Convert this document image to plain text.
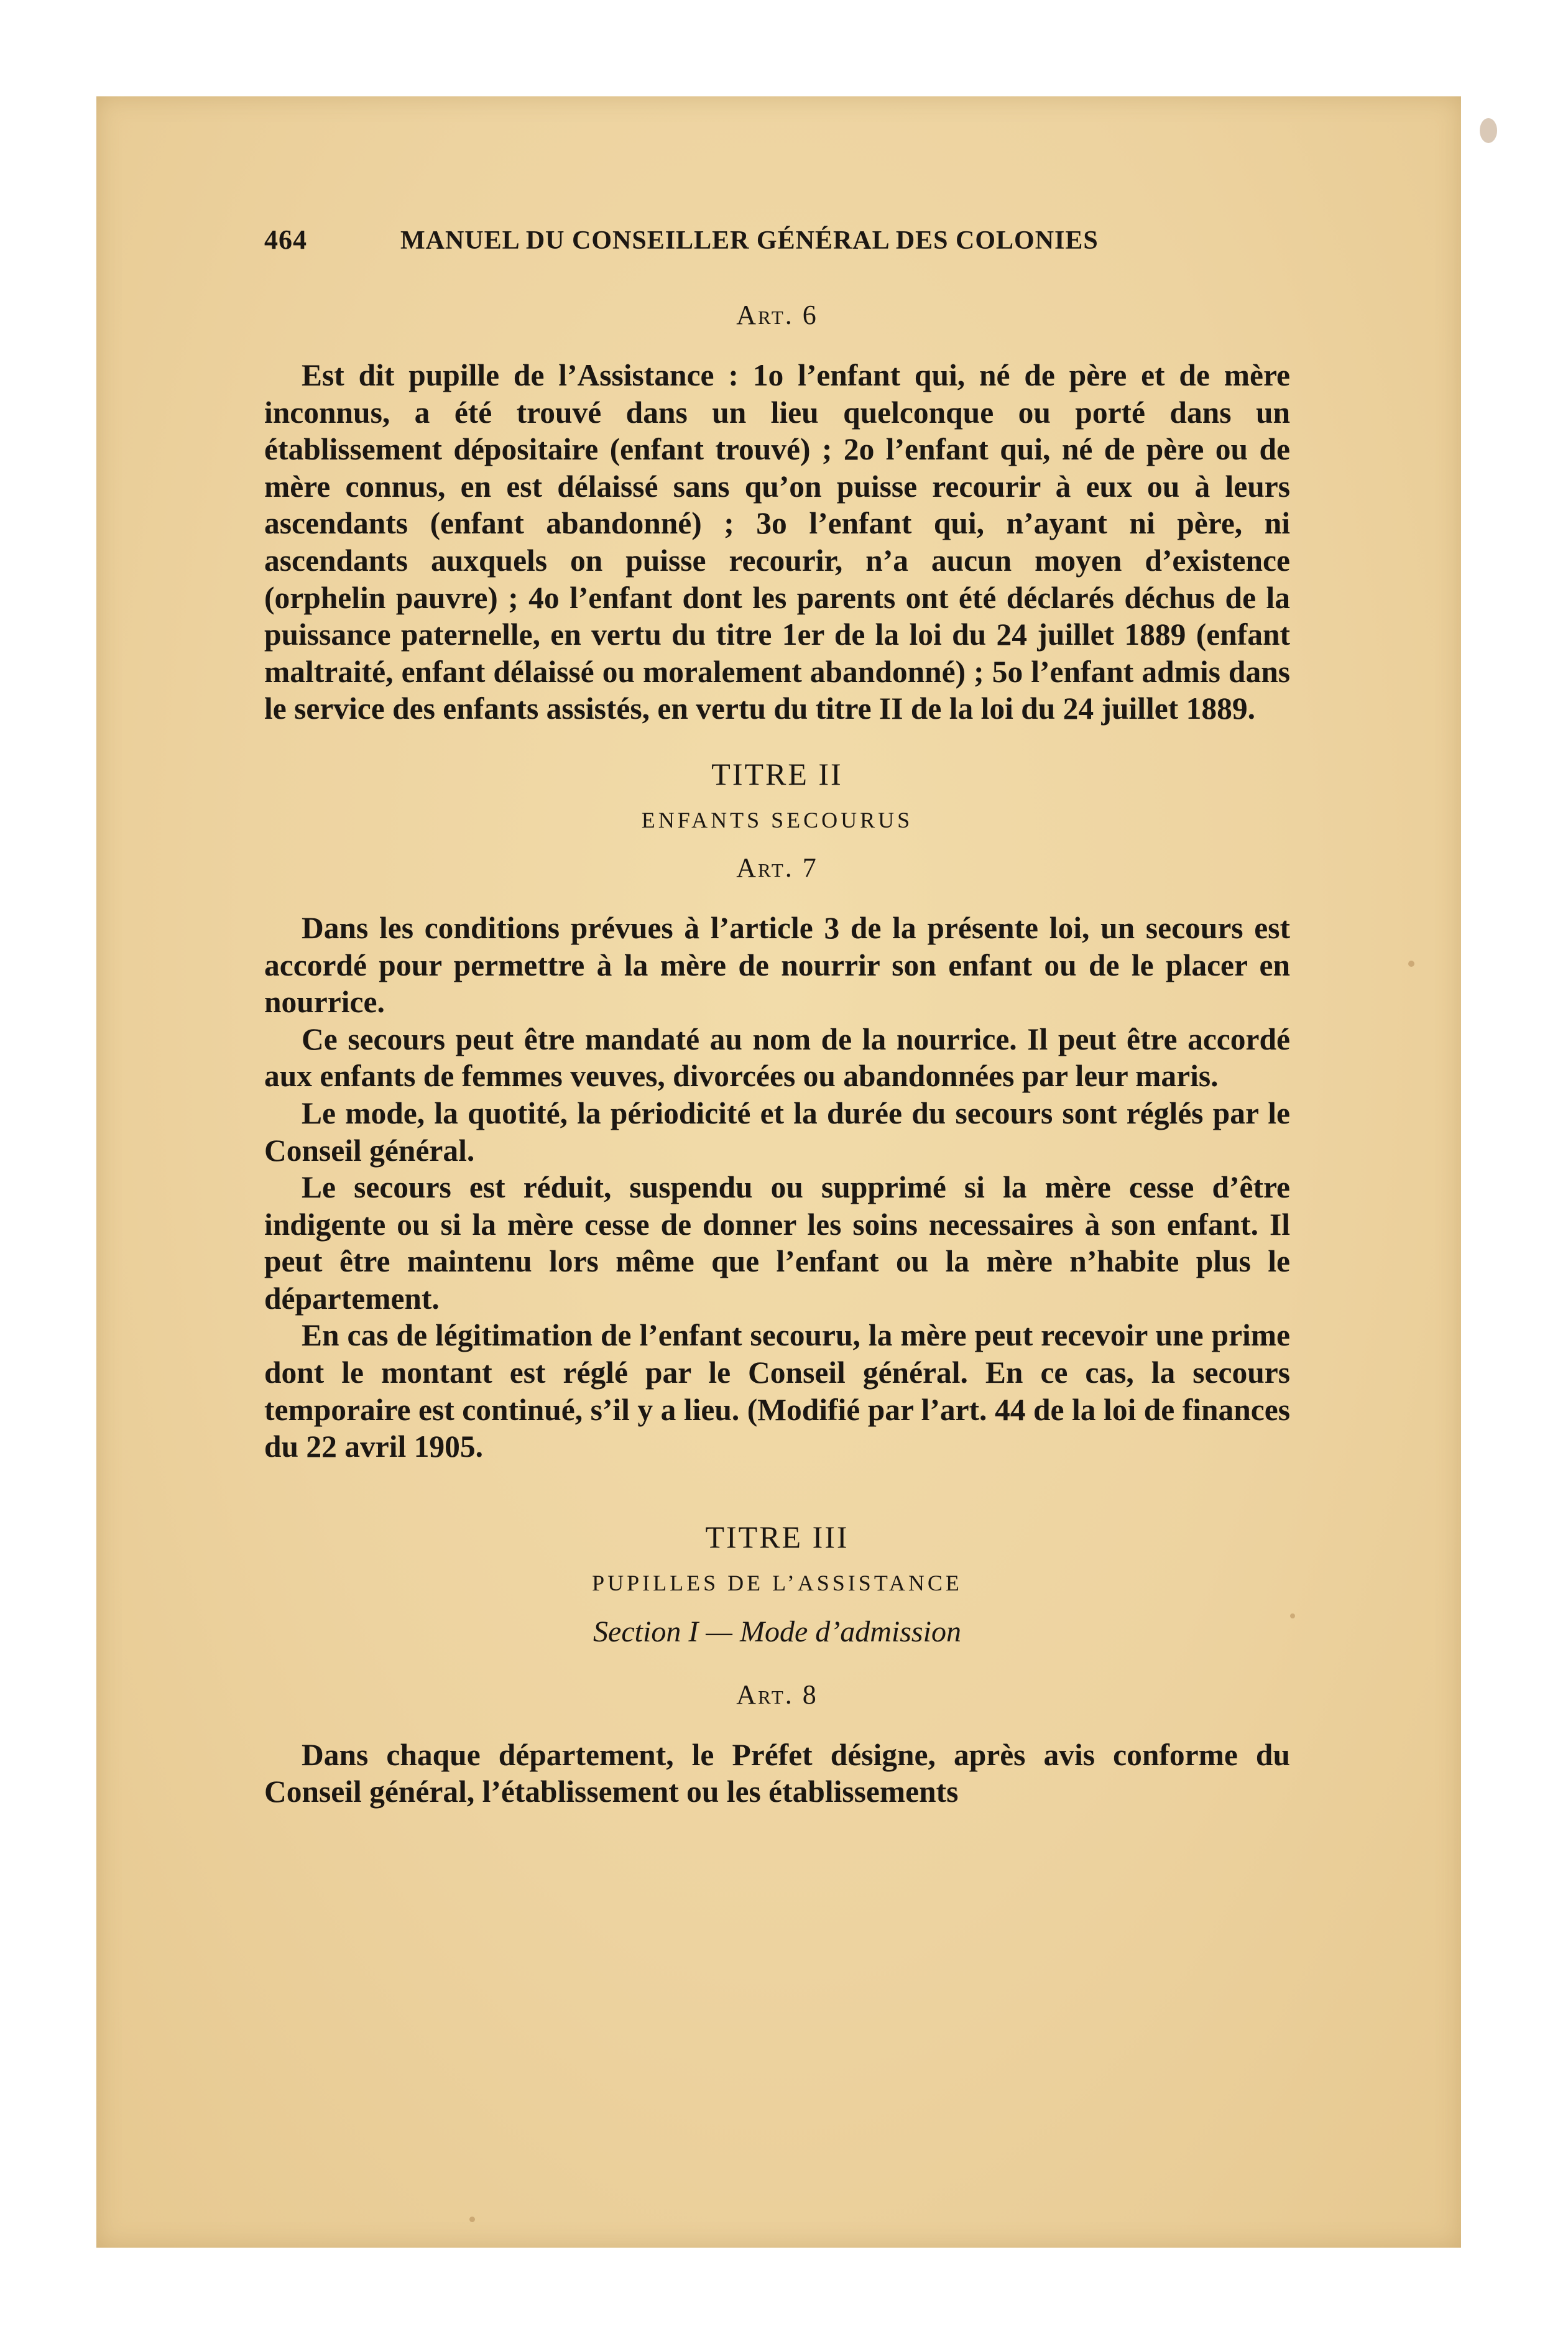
464	MANUEL DU CONSEILLER GÉNÉRAL DES COLONIES
Art. 6

Est dit pupille de l’Assistance : 1o l’enfant qui, né de père et de mère inconnus, a été trouvé dans un lieu quelconque ou porté dans un établissement dépositaire (enfant trouvé) ; 2o l’enfant qui, né de père ou de mère connus, en est délaissé sans qu’on puisse recourir à eux ou à leurs ascendants (enfant abandonné) ; 3o l’enfant qui, n’ayant ni père, ni ascendants auxquels on puisse recourir, n’a aucun moyen d’existence (orphelin pauvre) ; 4o l’enfant dont les parents ont été déclarés déchus de la puissance paternelle, en vertu du titre 1er de la loi du 24 juillet 1889 (enfant maltraité, enfant délaissé ou moralement abandonné) ; 5o l’enfant admis dans le service des enfants assistés, en vertu du titre II de la loi du 24 juillet 1889.

TITRE II
ENFANTS SECOURUS
Art. 7

Dans les conditions prévues à l’article 3 de la présente loi, un secours est accordé pour permettre à la mère de nourrir son enfant ou de le placer en nourrice.

Ce secours peut être mandaté au nom de la nourrice. Il peut être accordé aux enfants de femmes veuves, divorcées ou abandonnées par leur maris.

Le mode, la quotité, la périodicité et la durée du secours sont réglés par le Conseil général.

Le secours est réduit, suspendu ou supprimé si la mère cesse d’être indigente ou si la mère cesse de donner les soins necessaires à son enfant. Il peut être maintenu lors même que l’enfant ou la mère n’habite plus le département.

En cas de légitimation de l’enfant secouru, la mère peut recevoir une prime dont le montant est réglé par le Conseil général. En ce cas, la secours temporaire est continué, s’il y a lieu. (Modifié par l’art. 44 de la loi de finances du 22 avril 1905.

TITRE III
PUPILLES DE L’ASSISTANCE
Section I — Mode d’admission
Art. 8

Dans chaque département, le Préfet désigne, après avis conforme du Conseil général, l’établissement ou les établissements
